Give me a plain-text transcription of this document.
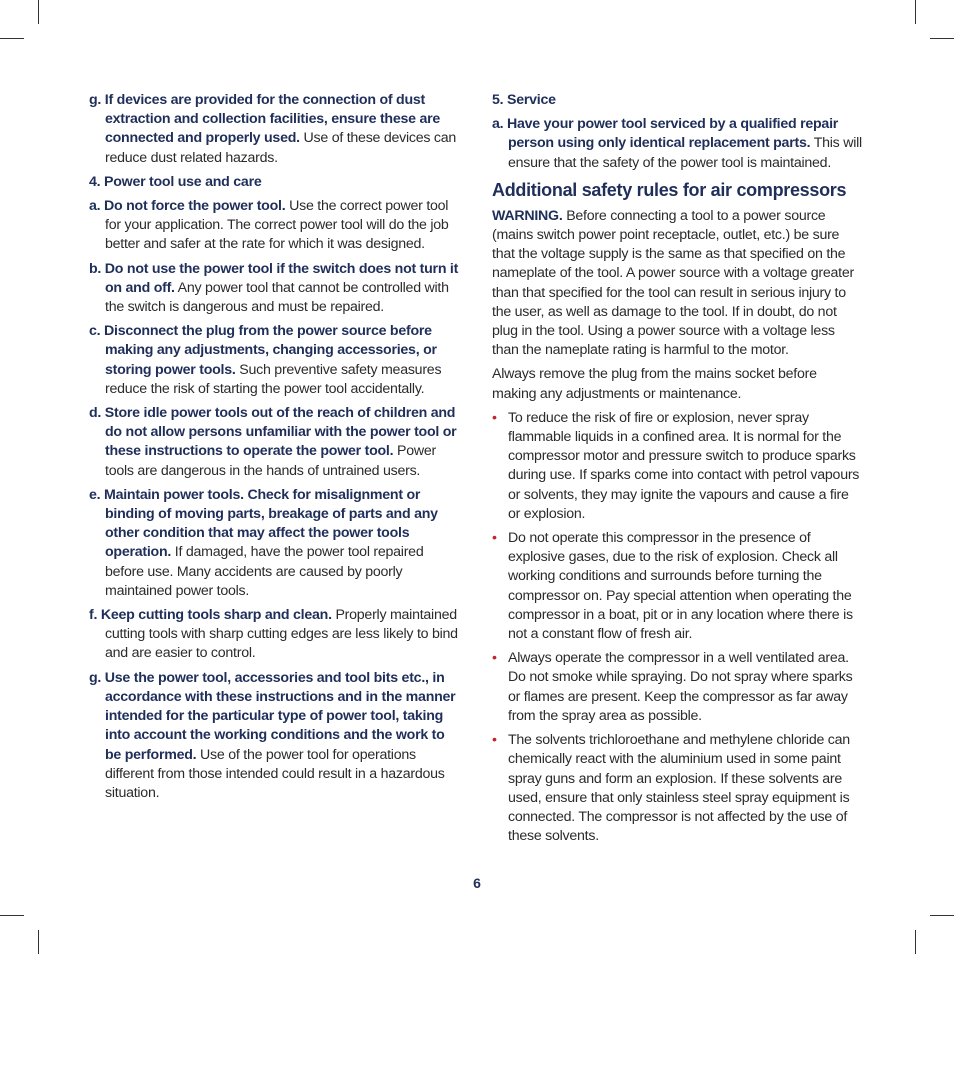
g. If devices are provided for the connection of dust extraction and collection facilities, ensure these are connected and properly used. Use of these devices can reduce dust related hazards.

4. Power tool use and care

a. Do not force the power tool. Use the correct power tool for your application. The correct power tool will do the job better and safer at the rate for which it was designed.

b. Do not use the power tool if the switch does not turn it on and off. Any power tool that cannot be controlled with the switch is dangerous and must be repaired.

c. Disconnect the plug from the power source before making any adjustments, changing accessories, or storing power tools. Such preventive safety measures reduce the risk of starting the power tool accidentally.

d. Store idle power tools out of the reach of children and do not allow persons unfamiliar with the power tool or these instructions to operate the power tool. Power tools are dangerous in the hands of untrained users.

e. Maintain power tools. Check for misalignment or binding of moving parts, breakage of parts and any other condition that may affect the power tools operation. If damaged, have the power tool repaired before use. Many accidents are caused by poorly maintained power tools.

f. Keep cutting tools sharp and clean. Properly maintained cutting tools with sharp cutting edges are less likely to bind and are easier to control.

g. Use the power tool, accessories and tool bits etc., in accordance with these instructions and in the manner intended for the particular type of power tool, taking into account the working conditions and the work to be performed. Use of the power tool for operations different from those intended could result in a hazardous situation.

5. Service

a. Have your power tool serviced by a qualified repair person using only identical replacement parts. This will ensure that the safety of the power tool is maintained.

Additional safety rules for air compressors

WARNING. Before connecting a tool to a power source (mains switch power point receptacle, outlet, etc.) be sure that the voltage supply is the same as that specified on the nameplate of the tool. A power source with a voltage greater than that specified for the tool can result in serious injury to the user, as well as damage to the tool. If in doubt, do not plug in the tool. Using a power source with a voltage less than the nameplate rating is harmful to the motor.

Always remove the plug from the mains socket before making any adjustments or maintenance.

• To reduce the risk of fire or explosion, never spray flammable liquids in a confined area. It is normal for the compressor motor and pressure switch to produce sparks during use. If sparks come into contact with petrol vapours or solvents, they may ignite the vapours and cause a fire or explosion.
• Do not operate this compressor in the presence of explosive gases, due to the risk of explosion. Check all working conditions and surrounds before turning the compressor on. Pay special attention when operating the compressor in a boat, pit or in any location where there is not a constant flow of fresh air.
• Always operate the compressor in a well ventilated area. Do not smoke while spraying. Do not spray where sparks or flames are present. Keep the compressor as far away from the spray area as possible.
• The solvents trichloroethane and methylene chloride can chemically react with the aluminium used in some paint spray guns and form an explosion. If these solvents are used, ensure that only stainless steel spray equipment is connected. The compressor is not affected by the use of these solvents.
6
